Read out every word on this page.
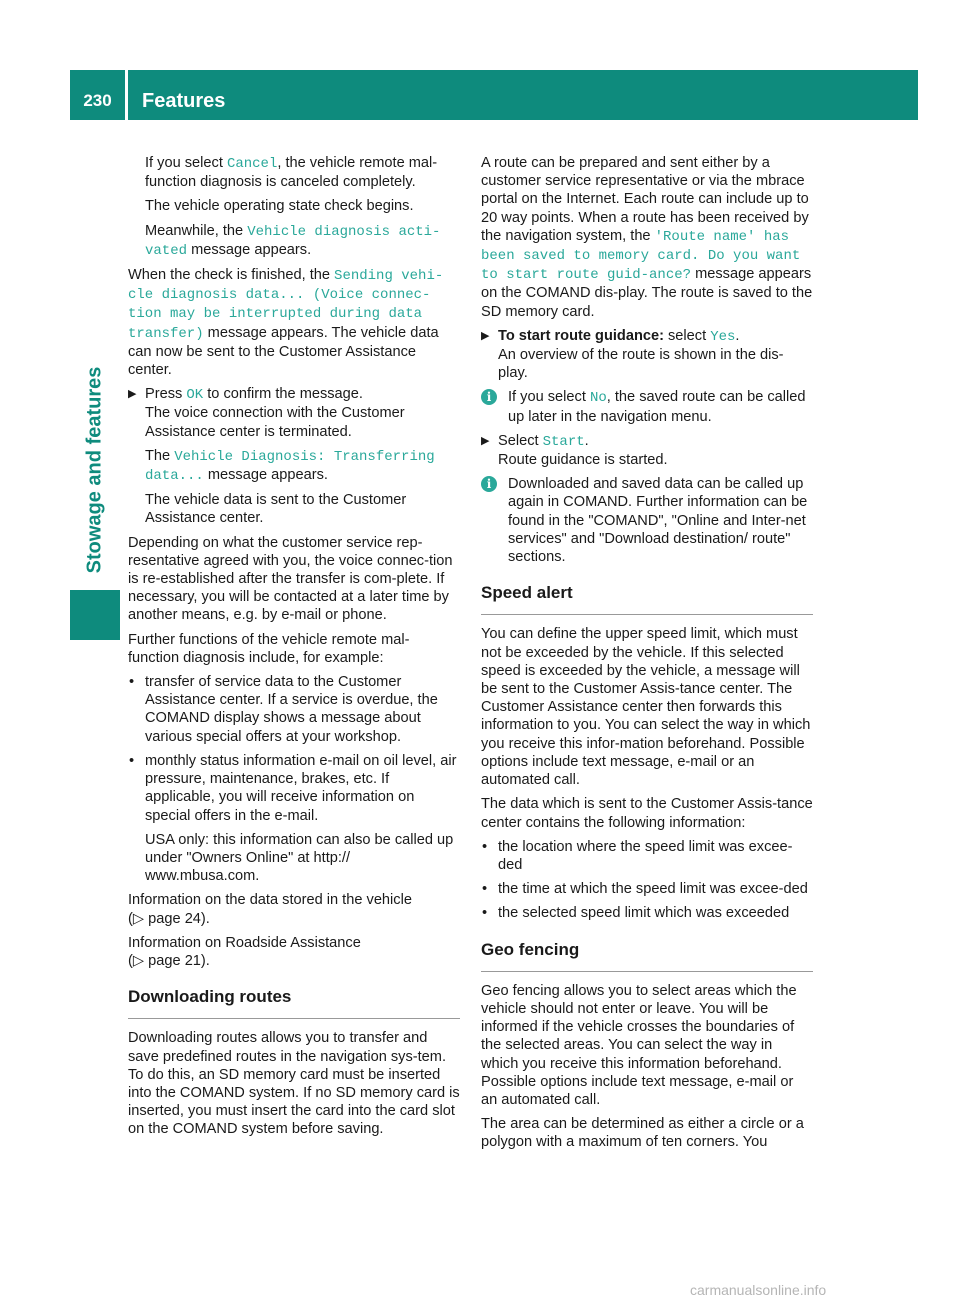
230	Features
Stowage and features

If you select Cancel, the vehicle remote mal-function diagnosis is canceled completely.

The vehicle operating state check begins.

Meanwhile, the Vehicle diagnosis acti-vated message appears.

When the check is finished, the Sending vehi-cle diagnosis data... (Voice connec-tion may be interrupted during data transfer) message appears. The vehicle data can now be sent to the Customer Assistance center.

▶ Press OK to confirm the message.
The voice connection with the Customer Assistance center is terminated.

The Vehicle Diagnosis: Transferring data... message appears.

The vehicle data is sent to the Customer Assistance center.

Depending on what the customer service rep-resentative agreed with you, the voice connec-tion is re-established after the transfer is com-plete. If necessary, you will be contacted at a later time by another means, e.g. by e-mail or phone.

Further functions of the vehicle remote mal-function diagnosis include, for example:

• transfer of service data to the Customer Assistance center. If a service is overdue, the COMAND display shows a message about various special offers at your workshop.
• monthly status information e-mail on oil level, air pressure, maintenance, brakes, etc. If applicable, you will receive information on special offers in the e-mail.

USA only: this information can also be called up under "Owners Online" at http:// www.mbusa.com.

Information on the data stored in the vehicle
(▷ page 24).

Information on Roadside Assistance
(▷ page 21).

Downloading routes

Downloading routes allows you to transfer and save predefined routes in the navigation sys-tem. To do this, an SD memory card must be inserted into the COMAND system. If no SD memory card is inserted, you must insert the card into the card slot on the COMAND system before saving.

A route can be prepared and sent either by a customer service representative or via the mbrace portal on the Internet. Each route can include up to 20 way points. When a route has been received by the navigation system, the 'Route name' has been saved to memory card. Do you want to start route guid-ance? message appears on the COMAND dis-play. The route is saved to the SD memory card.

▶ To start route guidance: select Yes.
An overview of the route is shown in the dis-play.
i	If you select No, the saved route can be called up later in the navigation menu.
▶ Select Start.
Route guidance is started.
i	Downloaded and saved data can be called up again in COMAND. Further information can be found in the "COMAND", "Online and Inter-net services" and "Download destination/ route" sections.
Speed alert

You can define the upper speed limit, which must not be exceeded by the vehicle. If this selected speed is exceeded by the vehicle, a message will be sent to the Customer Assis-tance center. The Customer Assistance center then forwards this information to you. You can select the way in which you receive this infor-mation beforehand. Possible options include text message, e-mail or an automated call.

The data which is sent to the Customer Assis-tance center contains the following information:

• the location where the speed limit was excee-ded
• the time at which the speed limit was excee-ded
• the selected speed limit which was exceeded
Geo fencing

Geo fencing allows you to select areas which the vehicle should not enter or leave. You will be informed if the vehicle crosses the boundaries of the selected areas. You can select the way in which you receive this information beforehand. Possible options include text message, e-mail or an automated call.

The area can be determined as either a circle or a polygon with a maximum of ten corners. You

carmanualsonline.info
